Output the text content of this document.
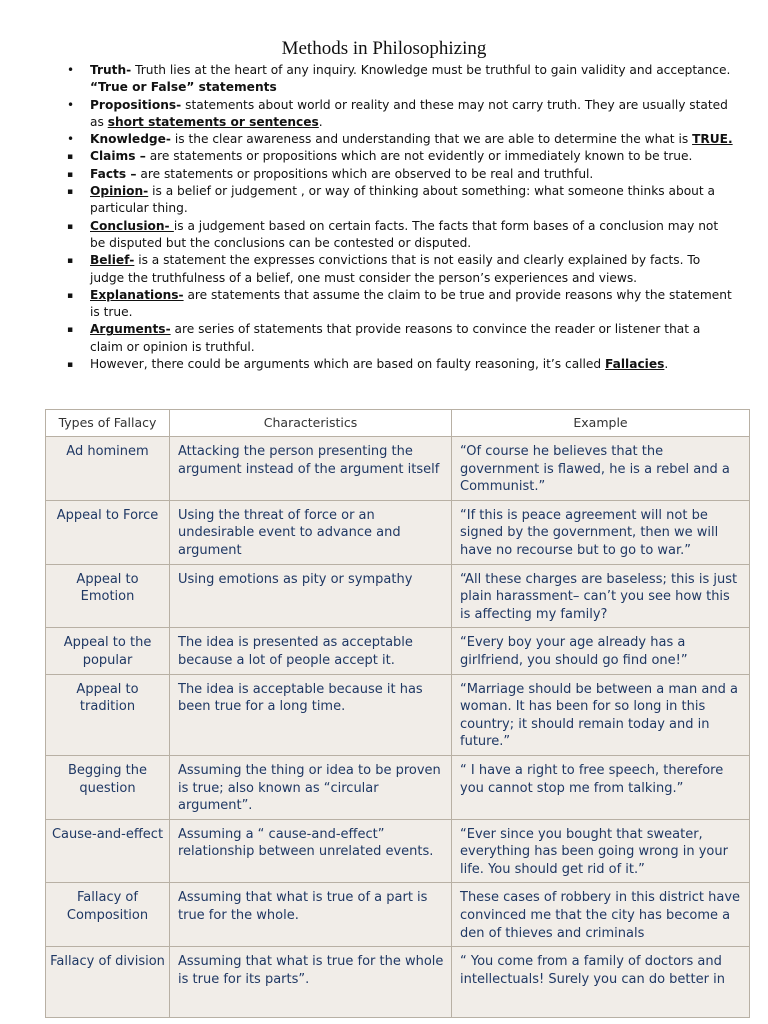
Methods in Philosophizing
•	Truth- Truth lies at the heart of any inquiry. Knowledge must be truthful to gain validity and acceptance. “True or False” statements
•	Propositions- statements about world or reality and these may not carry truth. They are usually stated as short statements or sentences.
•	Knowledge- is the clear awareness and understanding that we are able to determine the what is TRUE.
▪	Claims – are statements or propositions which are not evidently or immediately known to be true.
▪	Facts – are statements or propositions which are observed to be real and truthful.
▪	Opinion- is a belief or judgement , or way of thinking about something: what someone thinks about a particular thing.
▪	Conclusion- is a judgement based on certain facts. The facts that form bases of a conclusion may not be disputed but the conclusions can be contested or disputed.
▪	Belief- is a statement the expresses convictions that is not easily and clearly explained by facts. To judge the truthfulness of a belief, one must consider the person’s experiences and views.
▪	Explanations- are statements that assume the claim to be true and provide reasons why the statement is true.
▪	Arguments- are series of statements that provide reasons to convince the reader or listener that a claim or opinion is truthful.
▪	However, there could be arguments which are based on faulty reasoning, it’s called Fallacies.
Types of Fallacy	Characteristics	Example
Ad hominem	Attacking the person presenting the argument instead of the argument itself	“Of course he believes that the government is flawed, he is a rebel and a Communist.”
Appeal to Force	Using the threat of force or an undesirable event to advance and argument	“If this is peace agreement will not be signed by the government, then we will have no recourse but to go to war.”
Appeal to Emotion	Using emotions as pity or sympathy	“All these charges are baseless; this is just plain harassment– can’t you see how this is affecting my family?
Appeal to the popular	The idea is presented as acceptable because a lot of people accept it.	“Every boy your age already has a girlfriend, you should go find one!”
Appeal to tradition	The idea is acceptable because it has been true for a long time.	“Marriage should be between a man and a woman. It has been for so long in this country; it should remain today and in future.”
Begging the question	Assuming the thing or idea to be proven is true; also known as “circular argument”.	“ I have a right to free speech, therefore you cannot stop me from talking.”
Cause-and-effect	Assuming a “ cause-and-effect” relationship between unrelated events.	“Ever since you bought that sweater, everything has been going wrong in your life. You should get rid of it.”
Fallacy of Composition	Assuming that what is true of a part is true for the whole.	These cases of robbery in this district have convinced me that the city has become a den of thieves and criminals
Fallacy of division	Assuming that what is true for the whole is true for its parts”.	“ You come from a family of doctors and intellectuals! Surely you can do better in
